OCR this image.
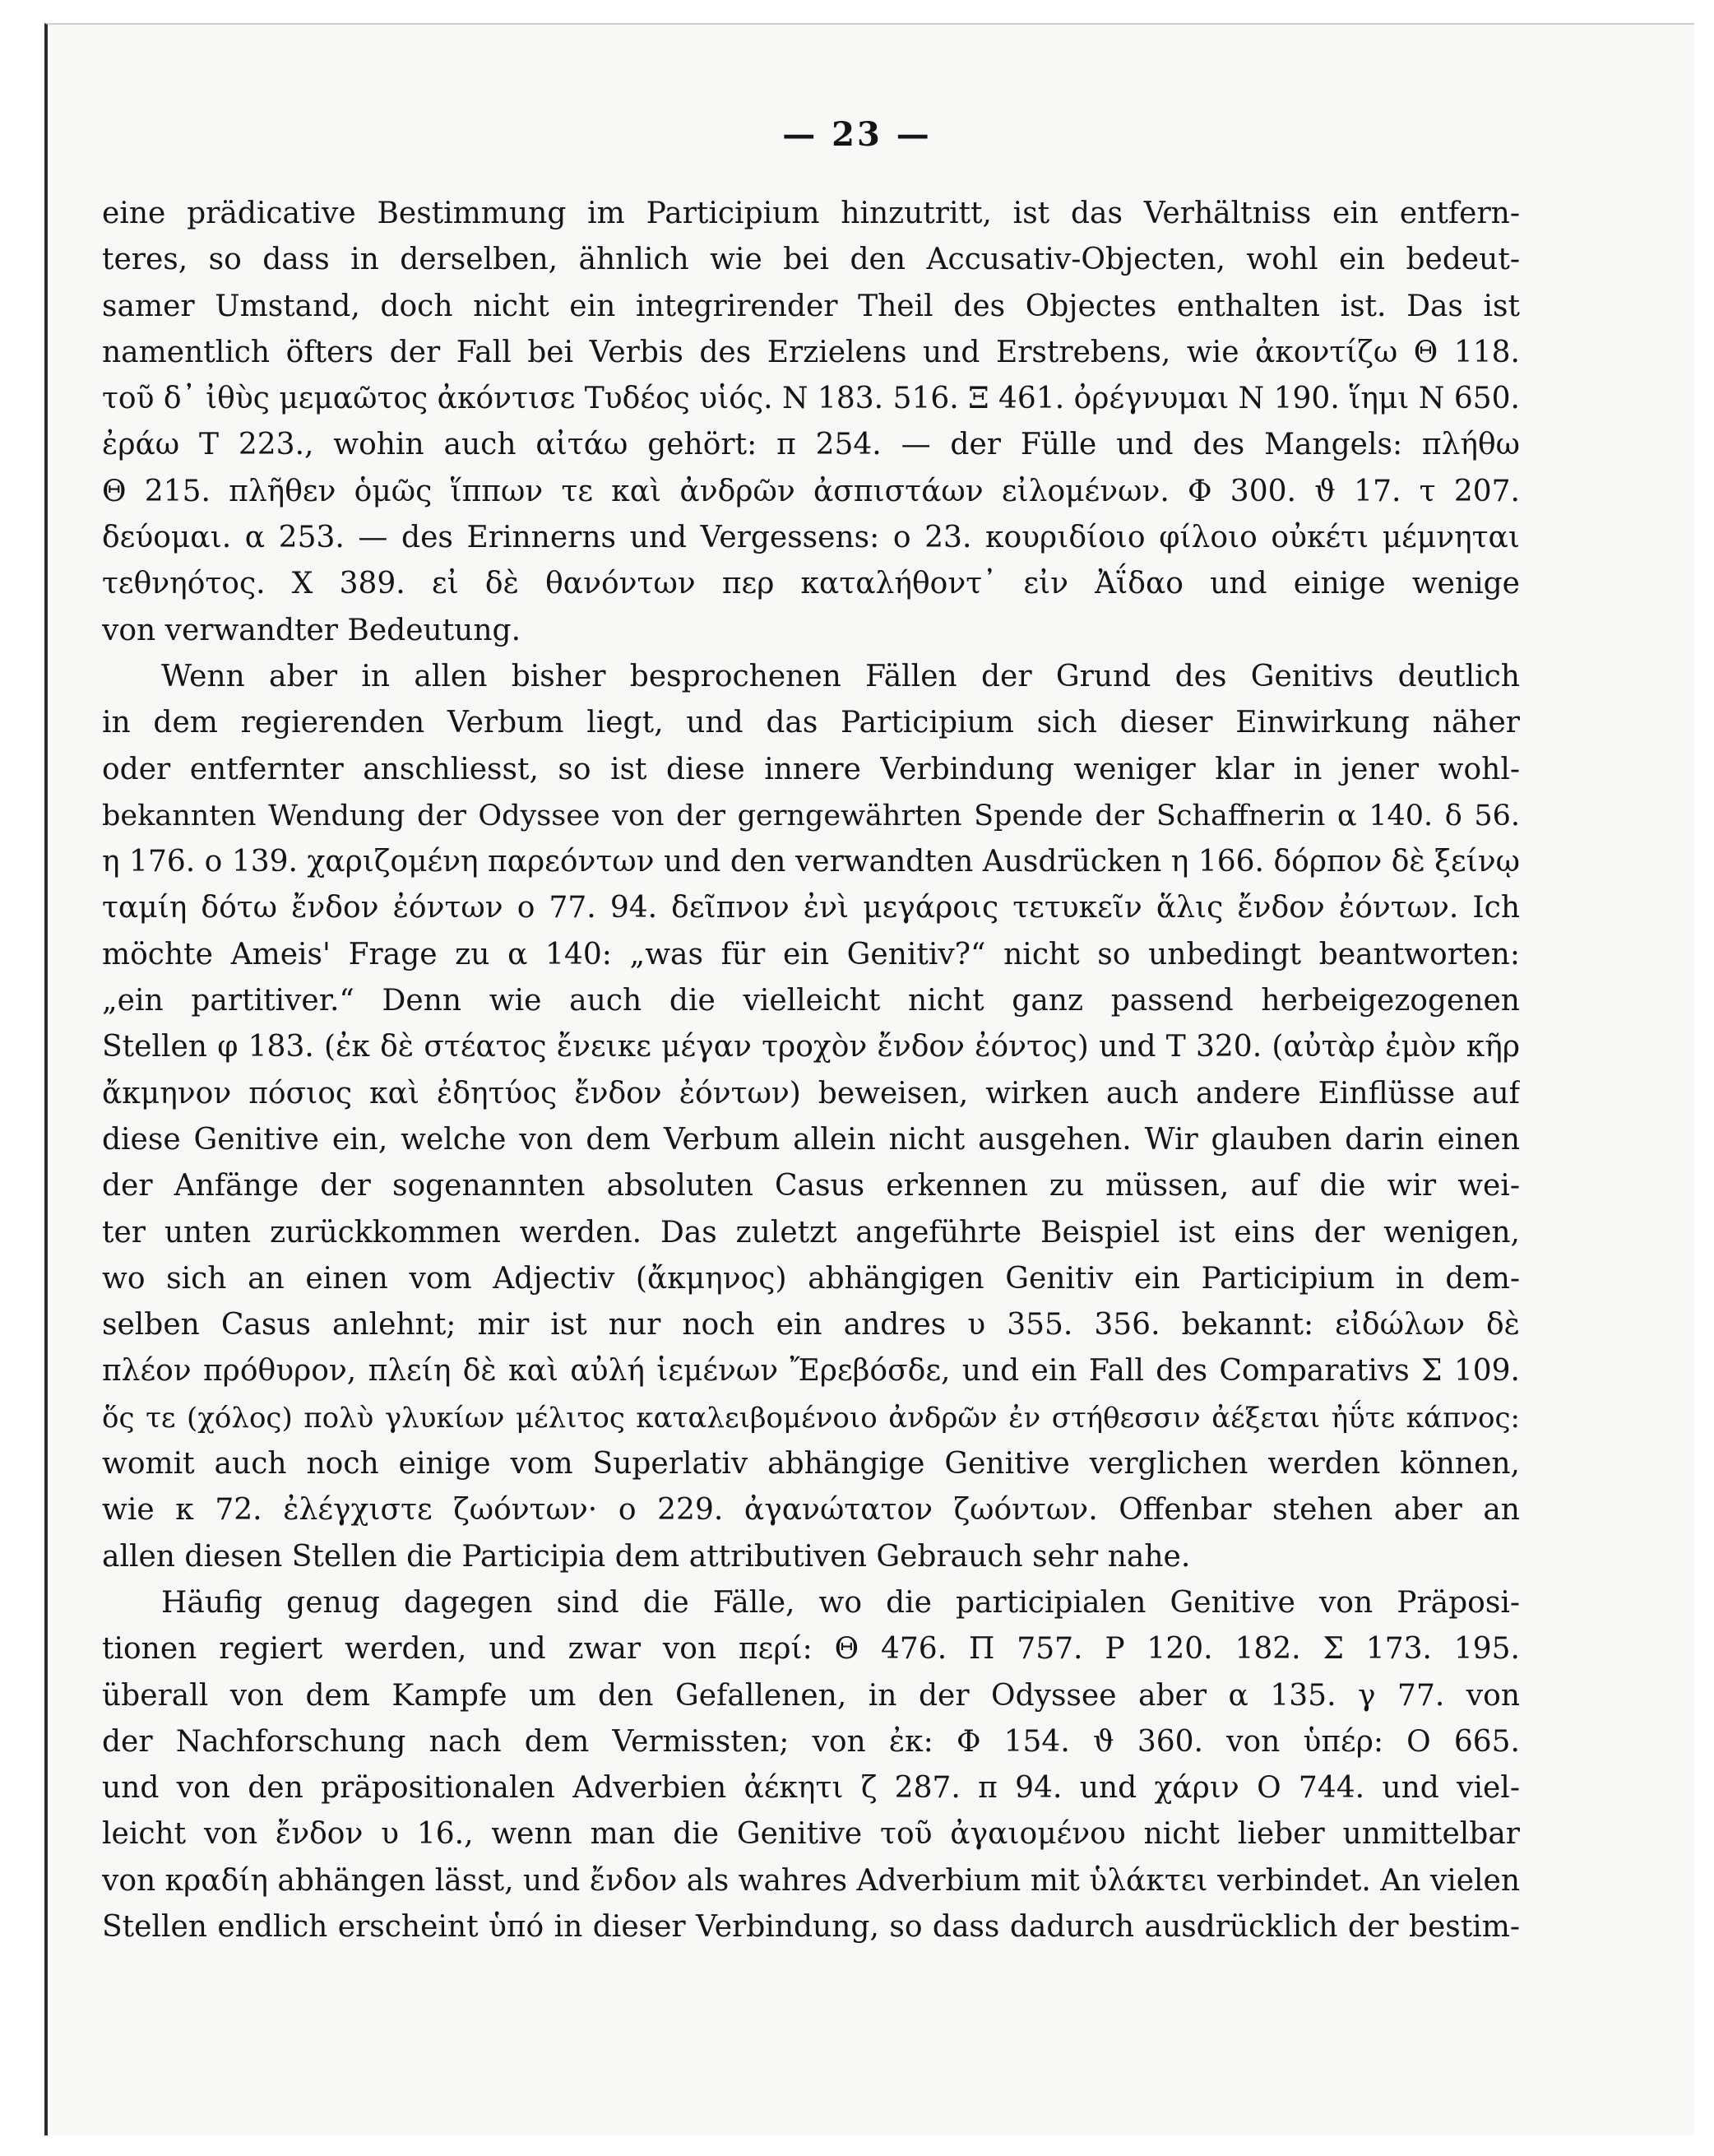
— 23 —
eine prädicative Bestimmung im Participium hinzutritt, ist das Verhältniss ein entfern-
teres, so dass in derselben, ähnlich wie bei den Accusativ-Objecten, wohl ein bedeut-
samer Umstand, doch nicht ein integrirender Theil des Objectes enthalten ist. Das ist
namentlich öfters der Fall bei Verbis des Erzielens und Erstrebens, wie ἀκοντίζω Θ 118.
τοῦ δ᾽ ἰθὺς μεμαῶτος ἀκόντισε Τυδέος υἱός. Ν 183. 516. Ξ 461. ὀρέγνυμαι Ν 190. ἵημι Ν 650.
ἐράω Τ 223., wohin auch αἰτάω gehört: π 254. — der Fülle und des Mangels: πλήθω
Θ 215. πλῆθεν ὁμῶς ἵππων τε καὶ ἀνδρῶν ἀσπιστάων εἰλομένων. Φ 300. ϑ 17. τ 207.
δεύομαι. α 253. — des Erinnerns und Vergessens: ο 23. κουριδίοιο φίλοιο οὐκέτι μέμνηται
τεθνηότος. Χ 389. εἰ δὲ θανόντων περ καταλήθοντ᾽ εἰν Ἀΐδαο und einige wenige
von verwandter Bedeutung.
Wenn aber in allen bisher besprochenen Fällen der Grund des Genitivs deutlich
in dem regierenden Verbum liegt, und das Participium sich dieser Einwirkung näher
oder entfernter anschliesst, so ist diese innere Verbindung weniger klar in jener wohl-
bekannten Wendung der Odyssee von der gerngewährten Spende der Schaffnerin α 140. δ 56.
η 176. ο 139. χαριζομένη παρεόντων und den verwandten Ausdrücken η 166. δόρπον δὲ ξείνῳ
ταμίη δότω ἔνδον ἐόντων ο 77. 94. δεῖπνον ἐνὶ μεγάροις τετυκεῖν ἅλις ἔνδον ἐόντων. Ich
möchte Ameis' Frage zu α 140: „was für ein Genitiv?“ nicht so unbedingt beantworten:
„ein partitiver.“ Denn wie auch die vielleicht nicht ganz passend herbeigezogenen
Stellen φ 183. (ἐκ δὲ στέατος ἔνεικε μέγαν τροχὸν ἔνδον ἐόντος) und Τ 320. (αὐτὰρ ἐμὸν κῆρ
ἄκμηνον πόσιος καὶ ἐδητύος ἔνδον ἐόντων) beweisen, wirken auch andere Einflüsse auf
diese Genitive ein, welche von dem Verbum allein nicht ausgehen. Wir glauben darin einen
der Anfänge der sogenannten absoluten Casus erkennen zu müssen, auf die wir wei-
ter unten zurückkommen werden. Das zuletzt angeführte Beispiel ist eins der wenigen,
wo sich an einen vom Adjectiv (ἄκμηνος) abhängigen Genitiv ein Participium in dem-
selben Casus anlehnt; mir ist nur noch ein andres υ 355. 356. bekannt: εἰδώλων δὲ
πλέον πρόθυρον, πλείη δὲ καὶ αὐλή ἱεμένων Ἔρεβόσδε, und ein Fall des Comparativs Σ 109.
ὅς τε (χόλος) πολὺ γλυκίων μέλιτος καταλειβομένοιο ἀνδρῶν ἐν στήθεσσιν ἀέξεται ἠΰτε κάπνος:
womit auch noch einige vom Superlativ abhängige Genitive verglichen werden können,
wie κ 72. ἐλέγχιστε ζωόντων· ο 229. ἀγανώτατον ζωόντων. Offenbar stehen aber an
allen diesen Stellen die Participia dem attributiven Gebrauch sehr nahe.
Häufig genug dagegen sind die Fälle, wo die participialen Genitive von Präposi-
tionen regiert werden, und zwar von περί: Θ 476. Π 757. Ρ 120. 182. Σ 173. 195.
überall von dem Kampfe um den Gefallenen, in der Odyssee aber α 135. γ 77. von
der Nachforschung nach dem Vermissten; von ἐκ: Φ 154. ϑ 360. von ὑπέρ: Ο 665.
und von den präpositionalen Adverbien ἀέκητι ζ 287. π 94. und χάριν Ο 744. und viel-
leicht von ἔνδον υ 16., wenn man die Genitive τοῦ ἀγαιομένου nicht lieber unmittelbar
von κραδίη abhängen lässt, und ἔνδον als wahres Adverbium mit ὑλάκτει verbindet. An vielen
Stellen endlich erscheint ὑπό in dieser Verbindung, so dass dadurch ausdrücklich der bestim-
